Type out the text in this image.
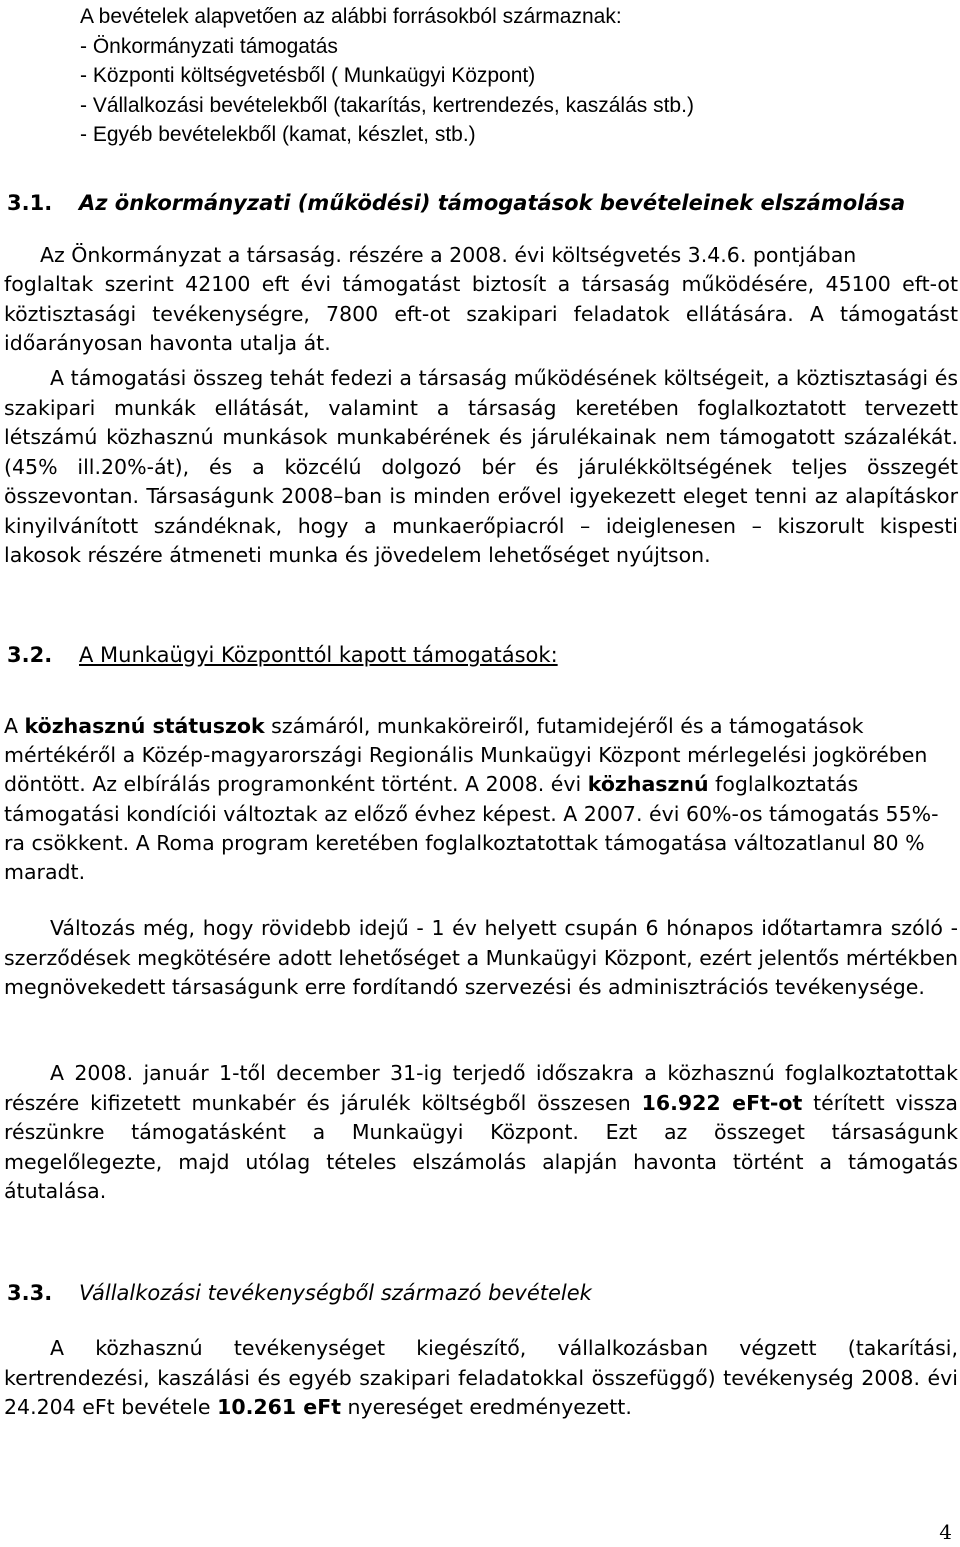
A bevételek alapvetően az alábbi forrásokból származnak:
- Önkormányzati támogatás
- Központi költségvetésből ( Munkaügyi Központ)
- Vállalkozási bevételekből (takarítás, kertrendezés, kaszálás stb.)
- Egyéb bevételekből (kamat, készlet, stb.)
3.1. Az önkormányzati (működési) támogatások bevételeinek elszámolása
Az Önkormányzat a társaság. részére a 2008. évi költségvetés 3.4.6. pontjában
foglaltak szerint 42100 eft évi támogatást biztosít a társaság működésére, 45100 eft-ot köztisztasági tevékenységre, 7800 eft-ot szakipari feladatok ellátására. A támogatást időarányosan havonta utalja át.
A támogatási összeg tehát fedezi a társaság működésének költségeit, a köztisztasági és szakipari munkák ellátását, valamint a társaság keretében foglalkoztatott tervezett létszámú közhasznú munkások munkabérének és járulékainak nem támogatott százalékát.(45% ill.20%-át), és a közcélú dolgozó bér és járulékköltségének teljes összegét összevontan. Társaságunk 2008–ban is minden erővel igyekezett eleget tenni az alapításkor kinyilvánított szándéknak, hogy a munkaerőpiacról – ideiglenesen – kiszorult kispesti lakosok részére átmeneti munka és jövedelem lehetőséget nyújtson.
3.2. A Munkaügyi Központtól kapott támogatások:
A közhasznú státuszok számáról, munkaköreiről, futamidejéről és a támogatások mértékéről a Közép-magyarországi Regionális Munkaügyi Központ mérlegelési jogkörében döntött. Az elbírálás programonként történt. A 2008. évi közhasznú foglalkoztatás támogatási kondíciói változtak az előző évhez képest. A 2007. évi 60%-os támogatás 55%-ra csökkent. A Roma program keretében foglalkoztatottak támogatása változatlanul 80 % maradt.
Változás még, hogy rövidebb idejű - 1 év helyett csupán 6 hónapos időtartamra szóló - szerződések megkötésére adott lehetőséget a Munkaügyi Központ, ezért jelentős mértékben megnövekedett társaságunk erre fordítandó szervezési és adminisztrációs tevékenysége.
A 2008. január 1-től december 31-ig terjedő időszakra a közhasznú foglalkoztatottak részére kifizetett munkabér és járulék költségből összesen 16.922 eFt-ot térített vissza részünkre támogatásként a Munkaügyi Központ. Ezt az összeget társaságunk megelőlegezte, majd utólag tételes elszámolás alapján havonta történt a támogatás átutalása.
3.3. Vállalkozási tevékenységből származó bevételek
A közhasznú tevékenységet kiegészítő, vállalkozásban végzett (takarítási, kertrendezési, kaszálási és egyéb szakipari feladatokkal összefüggő) tevékenység 2008. évi 24.204 eFt bevétele 10.261 eFt nyereséget eredményezett.
4
